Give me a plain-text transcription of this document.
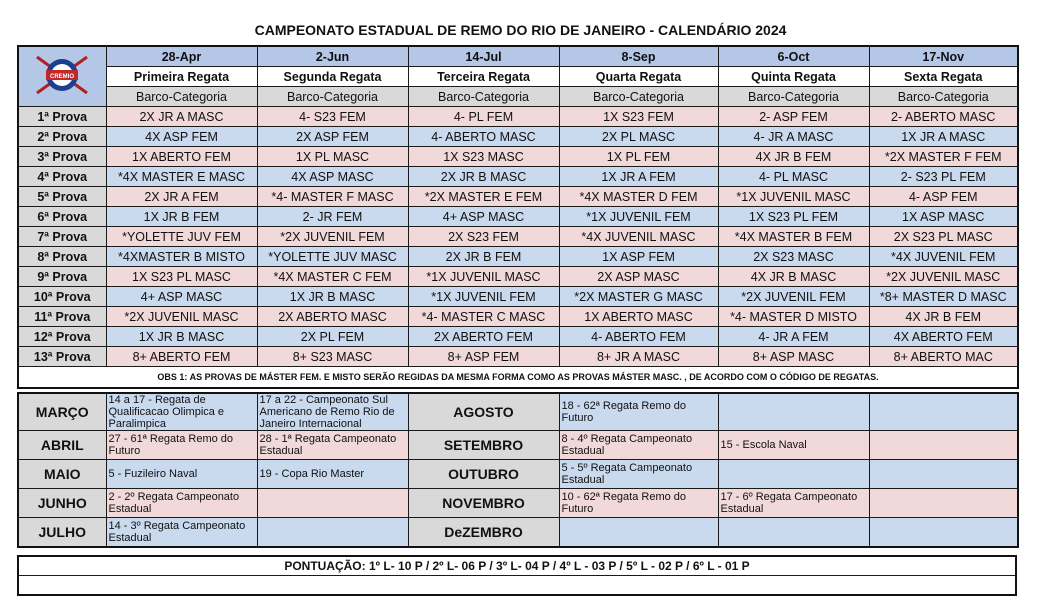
CAMPEONATO ESTADUAL DE REMO DO RIO DE JANEIRO - CALENDÁRIO 2024
CREMIO	28-Apr	2-Jun	14-Jul	8-Sep	6-Oct	17-Nov
	Primeira Regata	Segunda Regata	Terceira Regata	Quarta Regata	Quinta Regata	Sexta Regata
	Barco-Categoria	Barco-Categoria	Barco-Categoria	Barco-Categoria	Barco-Categoria	Barco-Categoria
1ª Prova	2X JR A MASC	4- S23 FEM	4- PL FEM	1X S23 FEM	2- ASP FEM	2- ABERTO MASC
2ª Prova	4X ASP FEM	2X ASP FEM	4- ABERTO MASC	2X PL MASC	4- JR A MASC	1X JR A MASC
3ª Prova	1X ABERTO FEM	1X PL MASC	1X S23 MASC	1X PL FEM	4X JR B FEM	*2X MASTER F FEM
4ª Prova	*4X MASTER E MASC	4X ASP MASC	2X JR B MASC	1X JR A FEM	4- PL MASC	2- S23 PL FEM
5ª Prova	2X JR A FEM	*4- MASTER F MASC	*2X MASTER E FEM	*4X MASTER D FEM	*1X JUVENIL MASC	4- ASP FEM
6ª Prova	1X JR B FEM	2- JR FEM	4+ ASP MASC	*1X JUVENIL FEM	1X S23 PL FEM	1X ASP MASC
7ª Prova	*YOLETTE JUV FEM	*2X JUVENIL FEM	2X S23 FEM	*4X JUVENIL MASC	*4X MASTER B FEM	2X S23 PL MASC
8ª Prova	*4XMASTER B MISTO	*YOLETTE JUV MASC	2X JR B FEM	1X ASP FEM	2X S23 MASC	*4X JUVENIL FEM
9ª Prova	1X S23 PL MASC	*4X MASTER C FEM	*1X JUVENIL MASC	2X ASP MASC	4X JR B MASC	*2X JUVENIL MASC
10ª Prova	4+ ASP MASC	1X JR B MASC	*1X JUVENIL FEM	*2X MASTER G MASC	*2X JUVENIL FEM	*8+ MASTER D MASC
11ª Prova	*2X JUVENIL MASC	2X ABERTO MASC	*4- MASTER C MASC	1X ABERTO MASC	*4- MASTER D MISTO	4X JR B FEM
12ª Prova	1X JR B MASC	2X PL FEM	2X ABERTO FEM	4- ABERTO FEM	4- JR A FEM	4X ABERTO FEM
13ª Prova	8+ ABERTO FEM	8+ S23 MASC	8+ ASP FEM	8+ JR A MASC	8+ ASP MASC	8+ ABERTO MAC
OBS 1: AS PROVAS DE MÁSTER FEM. E MISTO SERÃO REGIDAS DA MESMA FORMA COMO AS PROVAS MÁSTER MASC. , DE ACORDO COM O CÓDIGO DE REGATAS.						
MARÇO	14 a 17 - Regata de Qualificacao Olimpica e Paralimpica	17 a 22 - Campeonato Sul Americano de Remo Rio de Janeiro Internacional	AGOSTO	18 - 62ª Regata Remo do Futuro		
ABRIL	27 - 61ª Regata Remo do Futuro	28 - 1ª Regata Campeonato Estadual	SETEMBRO	8 - 4º Regata Campeonato Estadual	15 - Escola Naval	
MAIO	5 - Fuzileiro Naval	19 - Copa Rio Master	OUTUBRO	5 - 5º Regata Campeonato Estadual		
JUNHO	2 - 2º Regata Campeonato Estadual		NOVEMBRO	10 - 62ª Regata Remo do Futuro	17 - 6º Regata Campeonato Estadual	
JULHO	14 - 3º Regata Campeonato Estadual		DeZEMBRO			
PONTUAÇÃO: 1º L- 10 P / 2º L- 06 P / 3º L- 04 P / 4º L - 03 P / 5º L - 02 P / 6º L - 01 P
